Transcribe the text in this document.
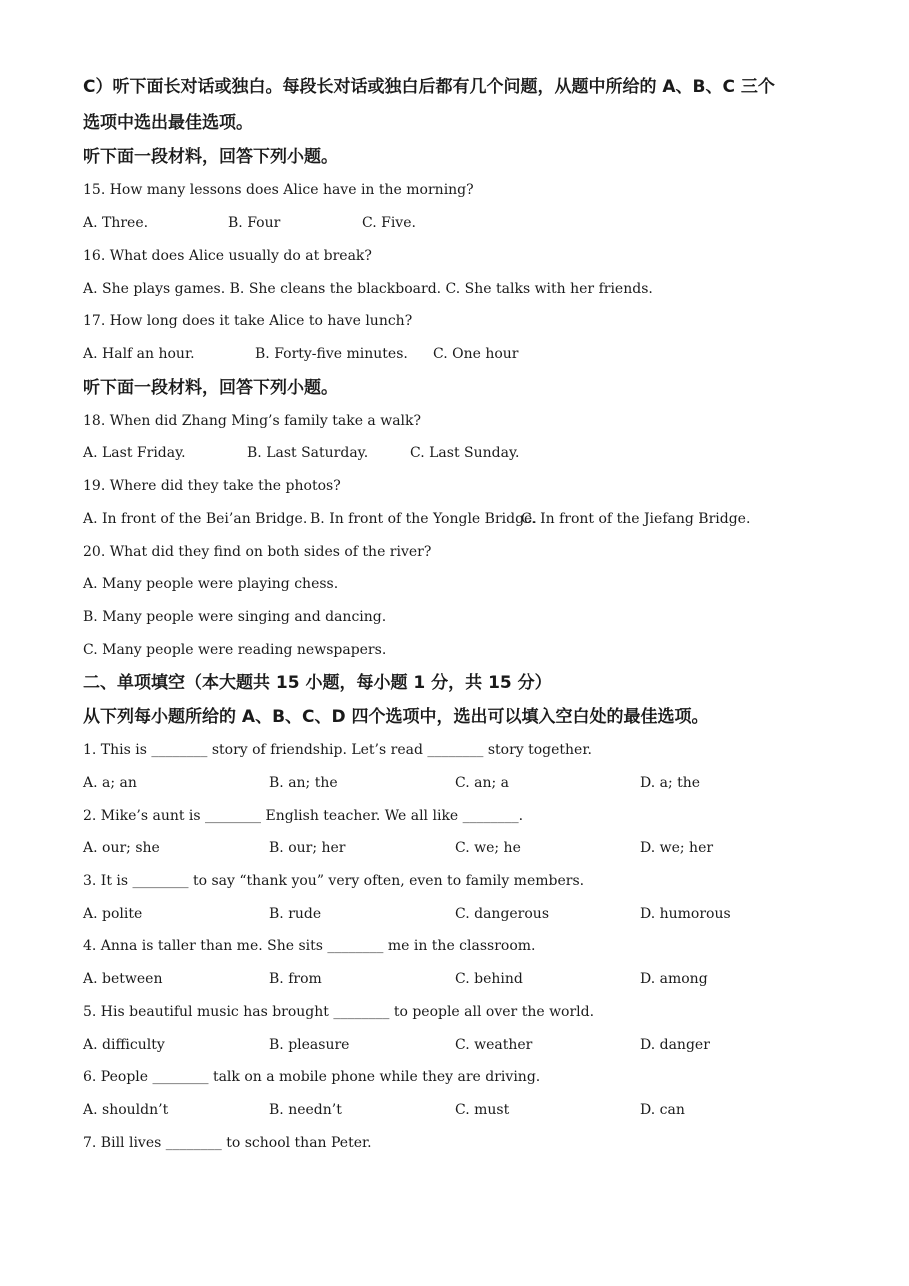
C）听下面长对话或独白。每段长对话或独白后都有几个问题，从题中所给的 A、B、C 三个
选项中选出最佳选项。
听下面一段材料，回答下列小题。
15. How many lessons does Alice have in the morning?
A. Three.	B. Four	C. Five.
16. What does Alice usually do at break?
A. She plays games. B. She cleans the blackboard. C. She talks with her friends.
17. How long does it take Alice to have lunch?
A. Half an hour.	B. Forty-five minutes. C. One hour
听下面一段材料，回答下列小题。
18. When did Zhang Ming’s family take a walk?
A. Last Friday.	B. Last Saturday.	C. Last Sunday.
19. Where did they take the photos?
A. In front of the Bei’an Bridge. B. In front of the Yongle Bridge.
C. In front of the Jiefang Bridge.
20. What did they find on both sides of the river?
A. Many people were playing chess.
B. Many people were singing and dancing.
C. Many people were reading newspapers.
二、单项填空（本大题共 15 小题，每小题 1 分，共 15 分）
从下列每小题所给的 A、B、C、D 四个选项中，选出可以填入空白处的最佳选项。
1. This is ________ story of friendship. Let’s read ________ story together.
A. a; an	B. an; the	C. an; a	D. a; the
2. Mike’s aunt is ________ English teacher. We all like ________.
A. our; she	B. our; her	C. we; he	D. we; her
3. It is ________ to say “thank you” very often, even to family members.
A. polite	B. rude	C. dangerous	D. humorous
4. Anna is taller than me. She sits ________ me in the classroom.
A. between	B. from	C. behind	D. among
5. His beautiful music has brought ________ to people all over the world.
A. difficulty	B. pleasure	C. weather	D. danger
6. People ________ talk on a mobile phone while they are driving.
A. shouldn’t	B. needn’t	C. must	D. can
7. Bill lives ________ to school than Peter.
